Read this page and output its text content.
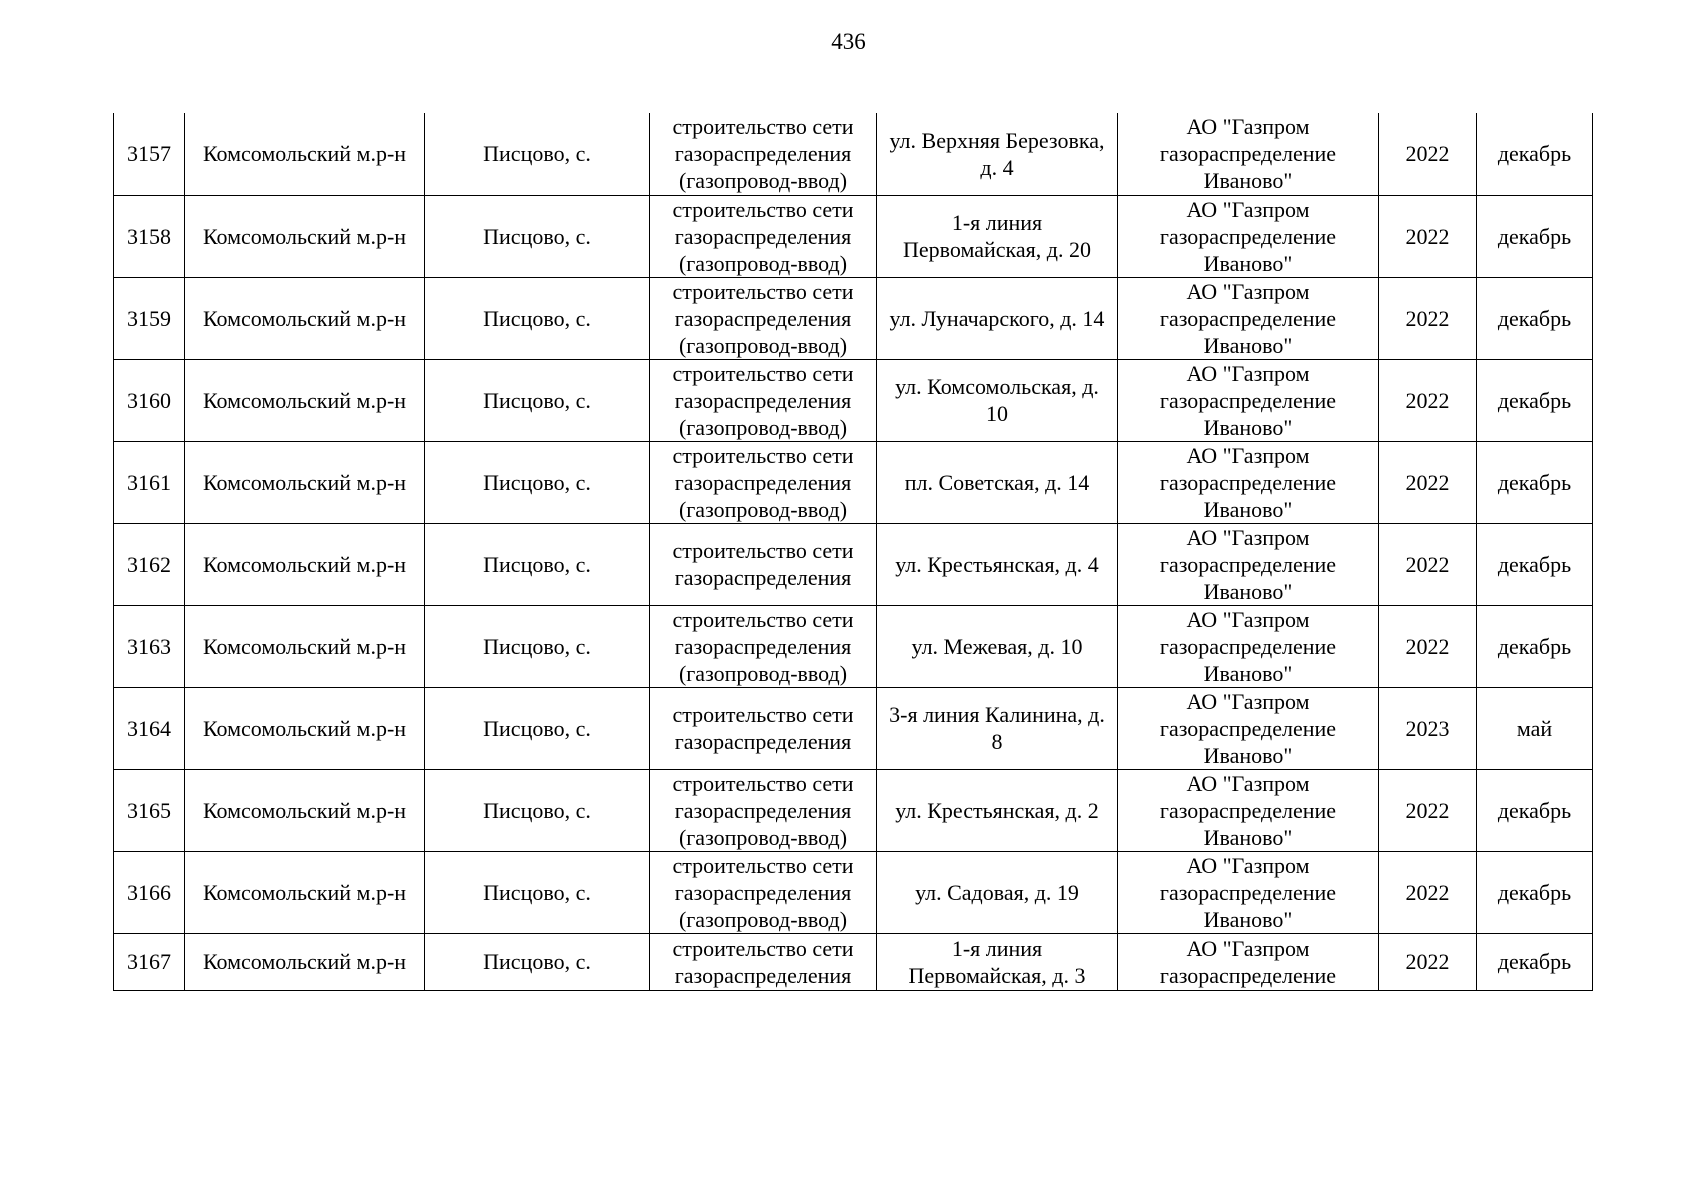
436
3157	Комсомольский м.р-н	Писцово, с.	строительство сети газораспределения (газопровод-ввод)	ул. Верхняя Березовка, д. 4	АО "Газпром газораспределение Иваново"	2022	декабрь
3158	Комсомольский м.р-н	Писцово, с.	строительство сети газораспределения (газопровод-ввод)	1-я линия Первомайская, д. 20	АО "Газпром газораспределение Иваново"	2022	декабрь
3159	Комсомольский м.р-н	Писцово, с.	строительство сети газораспределения (газопровод-ввод)	ул. Луначарского, д. 14	АО "Газпром газораспределение Иваново"	2022	декабрь
3160	Комсомольский м.р-н	Писцово, с.	строительство сети газораспределения (газопровод-ввод)	ул. Комсомольская, д. 10	АО "Газпром газораспределение Иваново"	2022	декабрь
3161	Комсомольский м.р-н	Писцово, с.	строительство сети газораспределения (газопровод-ввод)	пл. Советская, д. 14	АО "Газпром газораспределение Иваново"	2022	декабрь
3162	Комсомольский м.р-н	Писцово, с.	строительство сети газораспределения	ул. Крестьянская, д. 4	АО "Газпром газораспределение Иваново"	2022	декабрь
3163	Комсомольский м.р-н	Писцово, с.	строительство сети газораспределения (газопровод-ввод)	ул. Межевая, д. 10	АО "Газпром газораспределение Иваново"	2022	декабрь
3164	Комсомольский м.р-н	Писцово, с.	строительство сети газораспределения	3-я линия Калинина, д. 8	АО "Газпром газораспределение Иваново"	2023	май
3165	Комсомольский м.р-н	Писцово, с.	строительство сети газораспределения (газопровод-ввод)	ул. Крестьянская, д. 2	АО "Газпром газораспределение Иваново"	2022	декабрь
3166	Комсомольский м.р-н	Писцово, с.	строительство сети газораспределения (газопровод-ввод)	ул. Садовая, д. 19	АО "Газпром газораспределение Иваново"	2022	декабрь
3167	Комсомольский м.р-н	Писцово, с.	строительство сети газораспределения	1-я линия Первомайская, д. 3	АО "Газпром газораспределение	2022	декабрь
